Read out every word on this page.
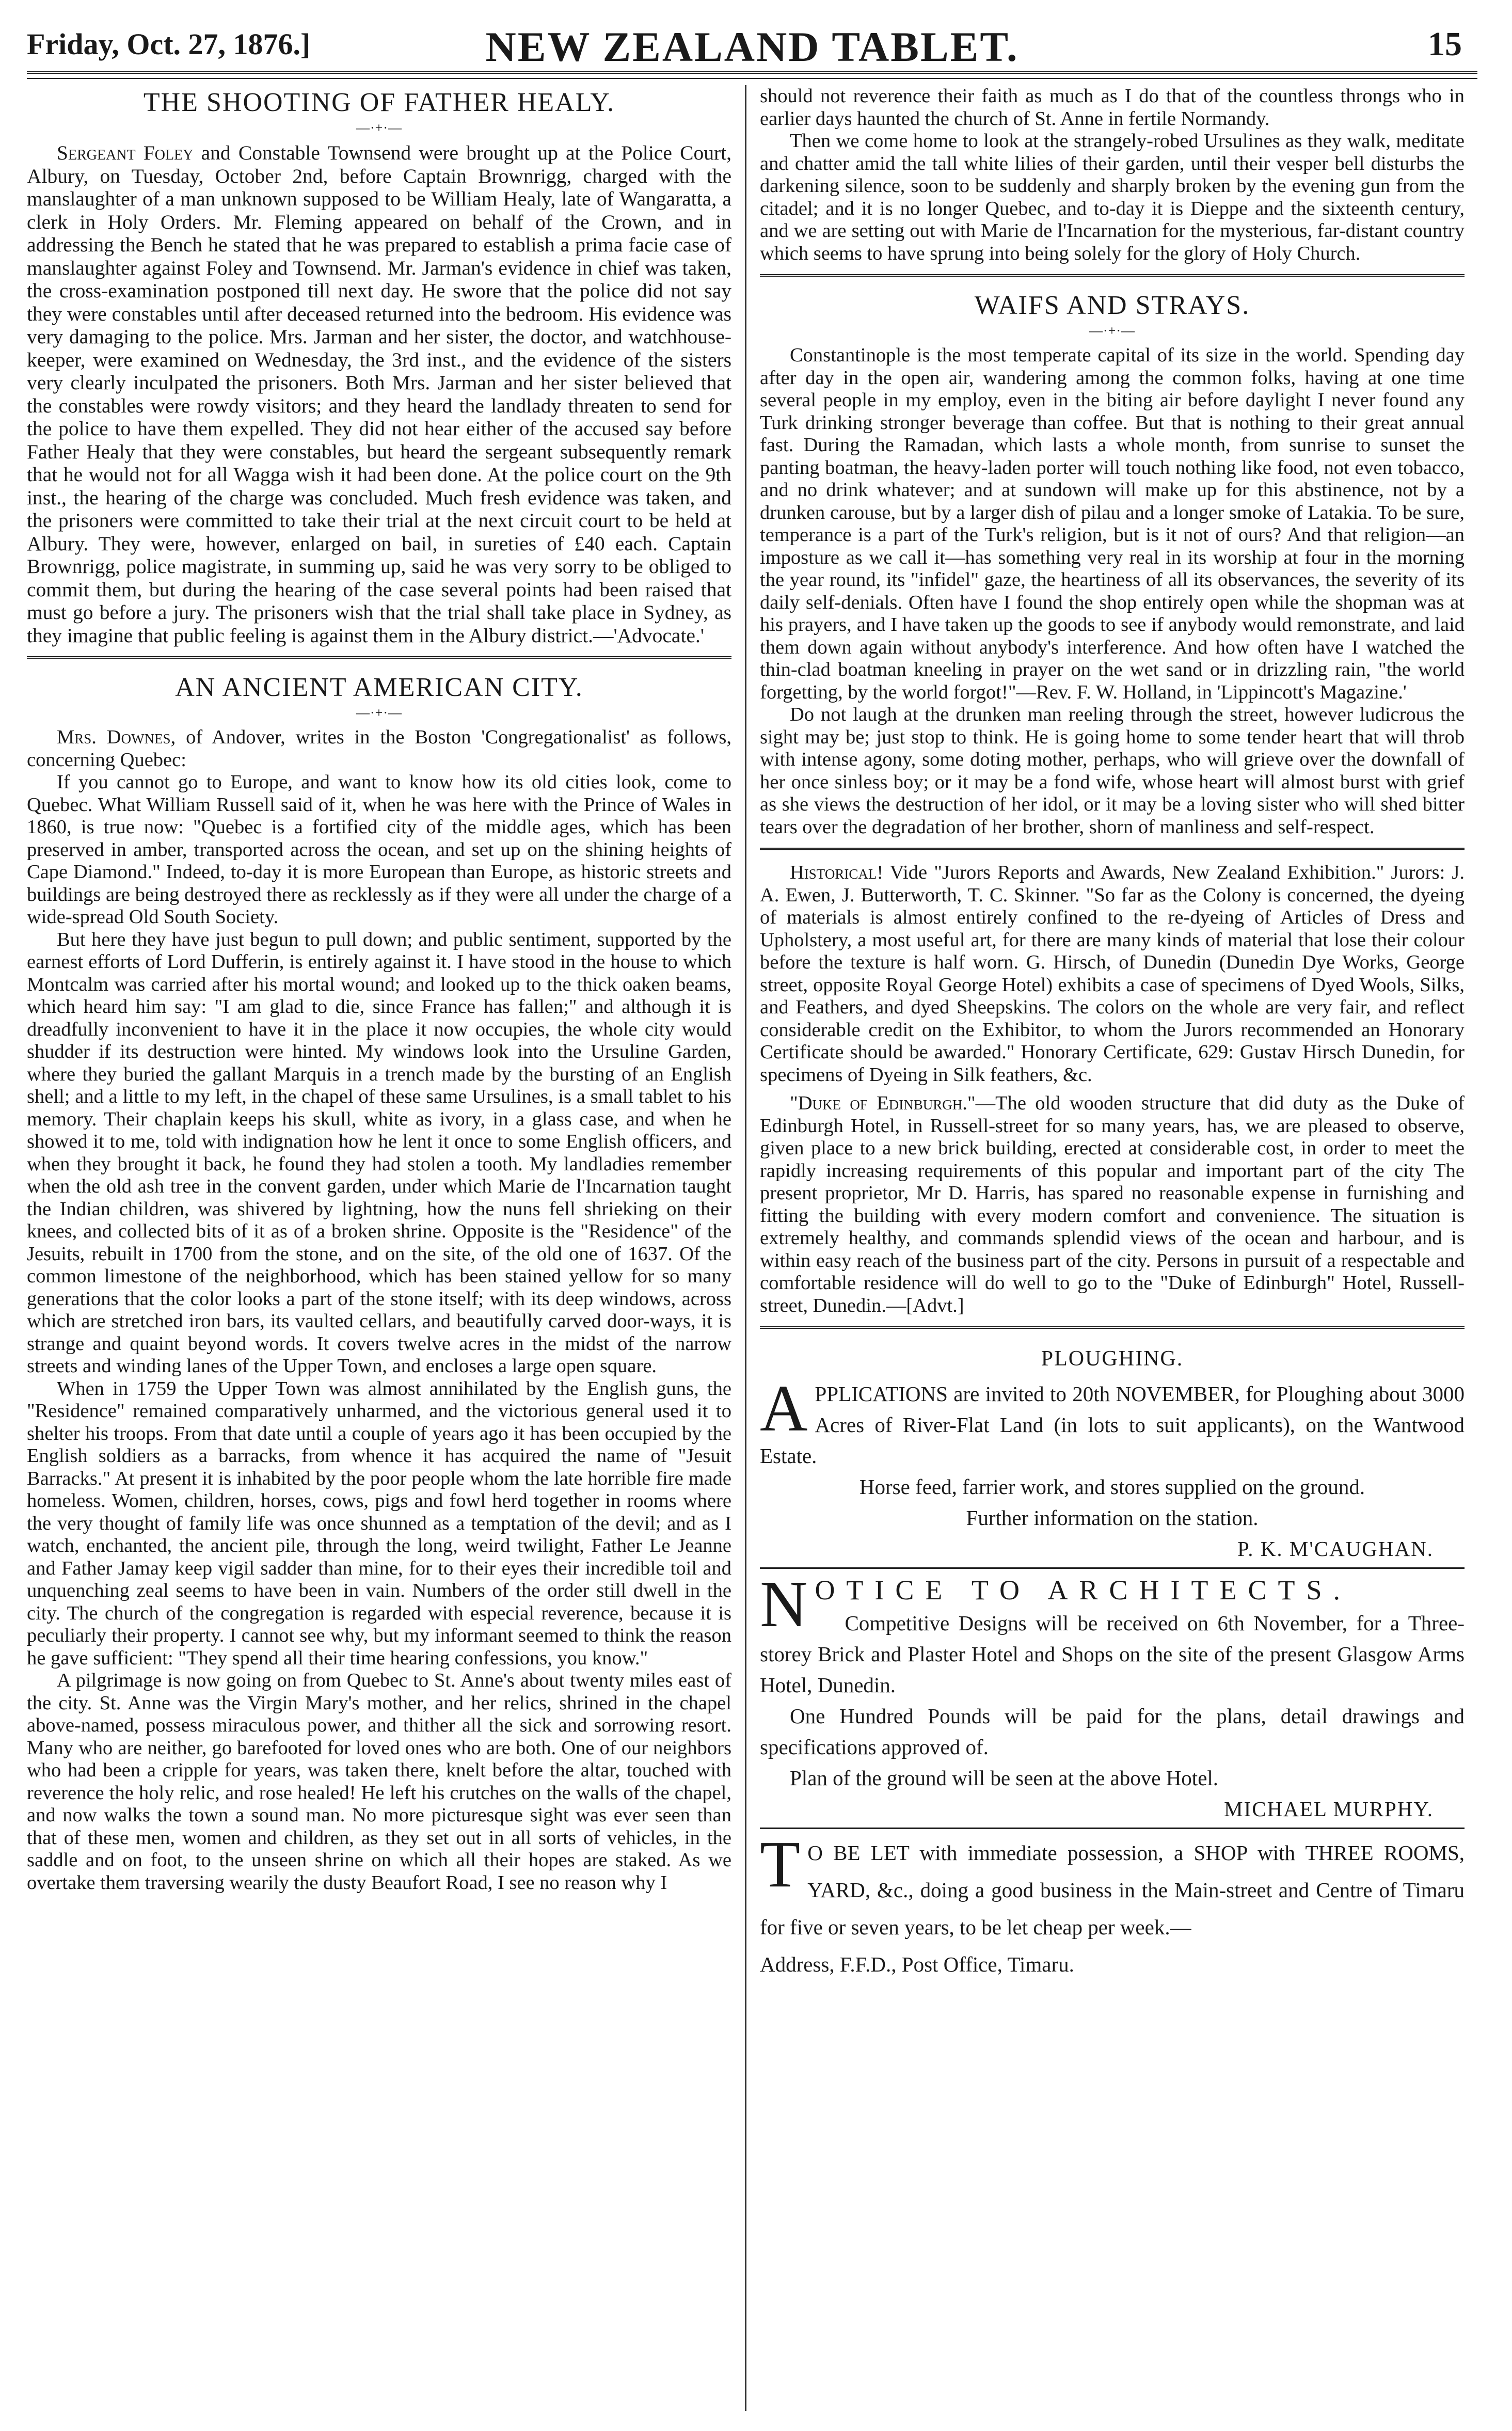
Friday, Oct. 27, 1876.]	NEW ZEALAND TABLET.	15
THE SHOOTING OF FATHER HEALY.
—·+·—

Sergeant Foley and Constable Townsend were brought up at the Police Court, Albury, on Tuesday, October 2nd, before Captain Brownrigg, charged with the manslaughter of a man unknown supposed to be William Healy, late of Wangaratta, a clerk in Holy Orders. Mr. Fleming appeared on behalf of the Crown, and in addressing the Bench he stated that he was prepared to establish a prima facie case of manslaughter against Foley and Townsend. Mr. Jarman's evidence in chief was taken, the cross-examination postponed till next day. He swore that the police did not say they were constables until after deceased returned into the bedroom. His evidence was very damaging to the police. Mrs. Jarman and her sister, the doctor, and watchhouse-keeper, were examined on Wednesday, the 3rd inst., and the evidence of the sisters very clearly inculpated the prisoners. Both Mrs. Jarman and her sister believed that the constables were rowdy visitors; and they heard the landlady threaten to send for the police to have them expelled. They did not hear either of the accused say before Father Healy that they were constables, but heard the sergeant subsequently remark that he would not for all Wagga wish it had been done. At the police court on the 9th inst., the hearing of the charge was concluded. Much fresh evidence was taken, and the prisoners were committed to take their trial at the next circuit court to be held at Albury. They were, however, enlarged on bail, in sureties of £40 each. Captain Brownrigg, police magistrate, in summing up, said he was very sorry to be obliged to commit them, but during the hearing of the case several points had been raised that must go before a jury. The prisoners wish that the trial shall take place in Sydney, as they imagine that public feeling is against them in the Albury district.—'Advocate.'

AN ANCIENT AMERICAN CITY.
—·+·—

Mrs. Downes, of Andover, writes in the Boston 'Congregationalist' as follows, concerning Quebec:

If you cannot go to Europe, and want to know how its old cities look, come to Quebec. What William Russell said of it, when he was here with the Prince of Wales in 1860, is true now: "Quebec is a fortified city of the middle ages, which has been preserved in amber, transported across the ocean, and set up on the shining heights of Cape Diamond." Indeed, to-day it is more European than Europe, as historic streets and buildings are being destroyed there as recklessly as if they were all under the charge of a wide-spread Old South Society.

But here they have just begun to pull down; and public sentiment, supported by the earnest efforts of Lord Dufferin, is entirely against it. I have stood in the house to which Montcalm was carried after his mortal wound; and looked up to the thick oaken beams, which heard him say: "I am glad to die, since France has fallen;" and although it is dreadfully inconvenient to have it in the place it now occupies, the whole city would shudder if its destruction were hinted. My windows look into the Ursuline Garden, where they buried the gallant Marquis in a trench made by the bursting of an English shell; and a little to my left, in the chapel of these same Ursulines, is a small tablet to his memory. Their chaplain keeps his skull, white as ivory, in a glass case, and when he showed it to me, told with indignation how he lent it once to some English officers, and when they brought it back, he found they had stolen a tooth. My landladies remember when the old ash tree in the convent garden, under which Marie de l'Incarnation taught the Indian children, was shivered by lightning, how the nuns fell shrieking on their knees, and collected bits of it as of a broken shrine. Opposite is the "Residence" of the Jesuits, rebuilt in 1700 from the stone, and on the site, of the old one of 1637. Of the common limestone of the neighborhood, which has been stained yellow for so many generations that the color looks a part of the stone itself; with its deep windows, across which are stretched iron bars, its vaulted cellars, and beautifully carved door-ways, it is strange and quaint beyond words. It covers twelve acres in the midst of the narrow streets and winding lanes of the Upper Town, and encloses a large open square.

When in 1759 the Upper Town was almost annihilated by the English guns, the "Residence" remained comparatively unharmed, and the victorious general used it to shelter his troops. From that date until a couple of years ago it has been occupied by the English soldiers as a barracks, from whence it has acquired the name of "Jesuit Barracks." At present it is inhabited by the poor people whom the late horrible fire made homeless. Women, children, horses, cows, pigs and fowl herd together in rooms where the very thought of family life was once shunned as a temptation of the devil; and as I watch, enchanted, the ancient pile, through the long, weird twilight, Father Le Jeanne and Father Jamay keep vigil sadder than mine, for to their eyes their incredible toil and unquenching zeal seems to have been in vain. Numbers of the order still dwell in the city. The church of the congregation is regarded with especial reverence, because it is peculiarly their property. I cannot see why, but my informant seemed to think the reason he gave sufficient: "They spend all their time hearing confessions, you know."

A pilgrimage is now going on from Quebec to St. Anne's about twenty miles east of the city. St. Anne was the Virgin Mary's mother, and her relics, shrined in the chapel above-named, possess miraculous power, and thither all the sick and sorrowing resort. Many who are neither, go barefooted for loved ones who are both. One of our neighbors who had been a cripple for years, was taken there, knelt before the altar, touched with reverence the holy relic, and rose healed! He left his crutches on the walls of the chapel, and now walks the town a sound man. No more picturesque sight was ever seen than that of these men, women and children, as they set out in all sorts of vehicles, in the saddle and on foot, to the unseen shrine on which all their hopes are staked. As we overtake them traversing wearily the dusty Beaufort Road, I see no reason why I

should not reverence their faith as much as I do that of the countless throngs who in earlier days haunted the church of St. Anne in fertile Normandy.

Then we come home to look at the strangely-robed Ursulines as they walk, meditate and chatter amid the tall white lilies of their garden, until their vesper bell disturbs the darkening silence, soon to be suddenly and sharply broken by the evening gun from the citadel; and it is no longer Quebec, and to-day it is Dieppe and the sixteenth century, and we are setting out with Marie de l'Incarnation for the mysterious, far-distant country which seems to have sprung into being solely for the glory of Holy Church.

WAIFS AND STRAYS.
—·+·—

Constantinople is the most temperate capital of its size in the world. Spending day after day in the open air, wandering among the common folks, having at one time several people in my employ, even in the biting air before daylight I never found any Turk drinking stronger beverage than coffee. But that is nothing to their great annual fast. During the Ramadan, which lasts a whole month, from sunrise to sunset the panting boatman, the heavy-laden porter will touch nothing like food, not even tobacco, and no drink whatever; and at sundown will make up for this abstinence, not by a drunken carouse, but by a larger dish of pilau and a longer smoke of Latakia. To be sure, temperance is a part of the Turk's religion, but is it not of ours? And that religion—an imposture as we call it—has something very real in its worship at four in the morning the year round, its "infidel" gaze, the heartiness of all its observances, the severity of its daily self-denials. Often have I found the shop entirely open while the shopman was at his prayers, and I have taken up the goods to see if anybody would remonstrate, and laid them down again without anybody's interference. And how often have I watched the thin-clad boatman kneeling in prayer on the wet sand or in drizzling rain, "the world forgetting, by the world forgot!"—Rev. F. W. Holland, in 'Lippincott's Magazine.'

Do not laugh at the drunken man reeling through the street, however ludicrous the sight may be; just stop to think. He is going home to some tender heart that will throb with intense agony, some doting mother, perhaps, who will grieve over the downfall of her once sinless boy; or it may be a fond wife, whose heart will almost burst with grief as she views the destruction of her idol, or it may be a loving sister who will shed bitter tears over the degradation of her brother, shorn of manliness and self-respect.

Historical! Vide "Jurors Reports and Awards, New Zealand Exhibition." Jurors: J. A. Ewen, J. Butterworth, T. C. Skinner. "So far as the Colony is concerned, the dyeing of materials is almost entirely confined to the re-dyeing of Articles of Dress and Upholstery, a most useful art, for there are many kinds of material that lose their colour before the texture is half worn. G. Hirsch, of Dunedin (Dunedin Dye Works, George street, opposite Royal George Hotel) exhibits a case of specimens of Dyed Wools, Silks, and Feathers, and dyed Sheepskins. The colors on the whole are very fair, and reflect considerable credit on the Exhibitor, to whom the Jurors recommended an Honorary Certificate should be awarded." Honorary Certificate, 629: Gustav Hirsch Dunedin, for specimens of Dyeing in Silk feathers, &c.

"Duke of Edinburgh."—The old wooden structure that did duty as the Duke of Edinburgh Hotel, in Russell-street for so many years, has, we are pleased to observe, given place to a new brick building, erected at considerable cost, in order to meet the rapidly increasing requirements of this popular and important part of the city The present proprietor, Mr D. Harris, has spared no reasonable expense in furnishing and fitting the building with every modern comfort and convenience. The situation is extremely healthy, and commands splendid views of the ocean and harbour, and is within easy reach of the business part of the city. Persons in pursuit of a respectable and comfortable residence will do well to go to the "Duke of Edinburgh" Hotel, Russell-street, Dunedin.—[Advt.]

PLOUGHING.
APPLICATIONS are invited to 20th NOVEMBER, for Ploughing about 3000 Acres of River-Flat Land (in lots to suit applicants), on the Wantwood Estate.
Horse feed, farrier work, and stores supplied on the ground.
Further information on the station.
P. K. M'CAUGHAN.
N OTICE TO ARCHITECTS.
Competitive Designs will be received on 6th November, for a Three-storey Brick and Plaster Hotel and Shops on the site of the present Glasgow Arms Hotel, Dunedin.
One Hundred Pounds will be paid for the plans, detail drawings and specifications approved of.
Plan of the ground will be seen at the above Hotel.
MICHAEL MURPHY.
T O BE LET with immediate possession, a SHOP with THREE ROOMS, YARD, &c., doing a good business in the Main-street and Centre of Timaru for five or seven years, to be let cheap per week.—
Address, F.F.D., Post Office, Timaru.
